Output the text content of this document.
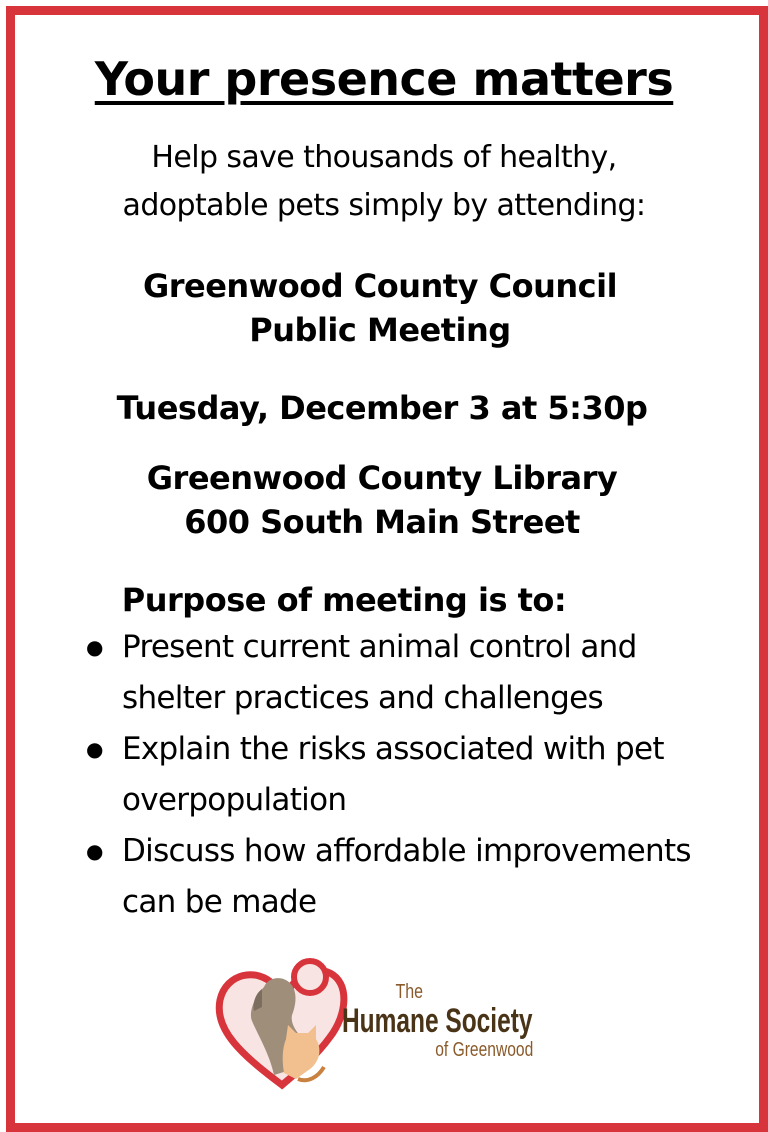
Your presence matters
Help save thousands of healthy,
adoptable pets simply by attending:
Greenwood County Council
Public Meeting
Tuesday, December 3 at 5:30p
Greenwood County Library
600 South Main Street
Purpose of meeting is to:
● Present current animal control and shelter practices and challenges
● Explain the risks associated with pet overpopulation
● Discuss how affordable improvements can be made
The
Humane Society
of Greenwood
